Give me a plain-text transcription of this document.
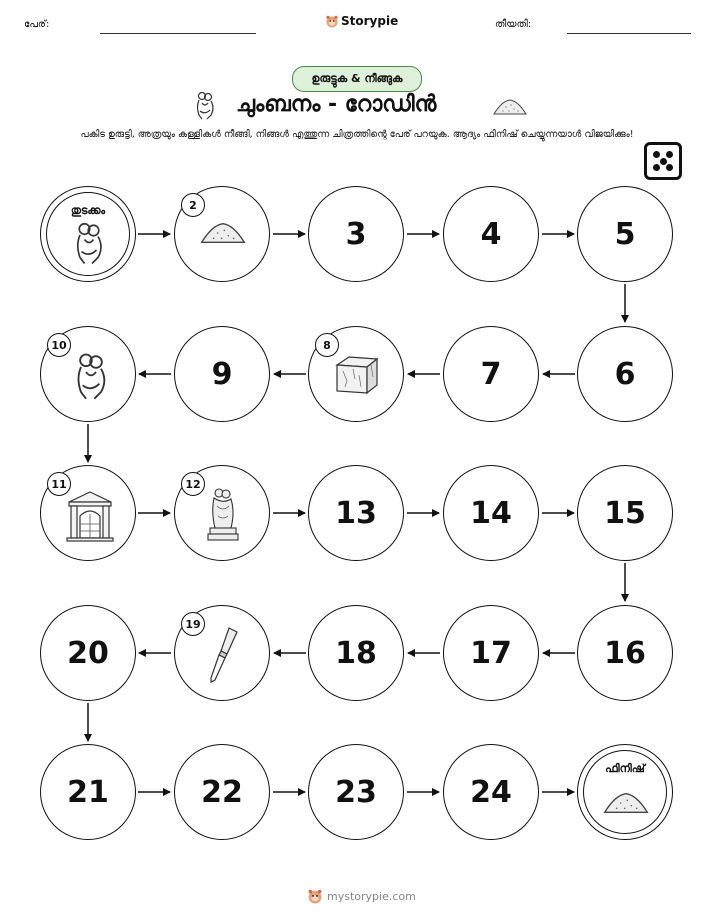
പേര്:	Storypie	തീയതി:
ഉരുട്ടുക & നീങ്ങുക
ചുംബനം - റോഡിൻ
പകിട ഉരുട്ടി, അത്രയും കള്ളികൾ നീങ്ങി, നിങ്ങൾ എത്തുന്ന ചിത്രത്തിന്റെ പേര് പറയുക. ആദ്യം ഫിനിഷ് ചെയ്യുന്നയാൾ വിജയിക്കും!
തുടക്കം	2
3	4	5
6
7
8
9
10
11	12
13	14	15
16
17
18
19
20
21	22	23	24
ഫിനിഷ്
mystorypie.com
